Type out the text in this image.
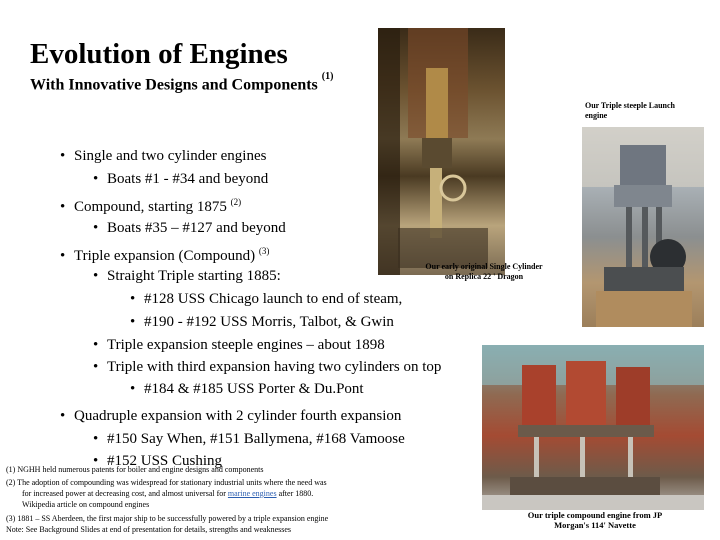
Evolution of Engines
With Innovative Designs and Components $^{(1)}$
Our Triple steeple Launch engine
Our early original Single Cylinder on Replica 22 ' Dragon
Our triple compound engine from JP Morgan's 114' Navette
• Single and two cylinder engines
• Boats #1 - #34 and beyond
• Compound, starting 1875 $^{(2)}$
• Boats #35 – #127 and beyond
• Triple expansion (Compound) $^{(3)}$
• Straight Triple starting 1885:
• #128 USS Chicago launch to end of steam,
• #190 - #192 USS Morris, Talbot, & Gwin
• Triple expansion steeple engines – about 1898
• Triple with third expansion having two cylinders on top
• #184 & #185 USS Porter & Du.Pont
• Quadruple expansion with 2 cylinder fourth expansion
• #150 Say When, #151 Ballymena, #168 Vamoose
• #152 USS Cushing
(1) NGHH held numerous patents for boiler and engine designs and components
(2) The adoption of compounding was widespread for stationary industrial units where the need was
for increased power at decreasing cost, and almost universal for marine engines after 1880.
Wikipedia article on compound engines
(3) 1881 – SS Aberdeen, the first major ship to be successfully powered by a triple expansion engine
Note: See Background Slides at end of presentation for details, strengths and weaknesses
